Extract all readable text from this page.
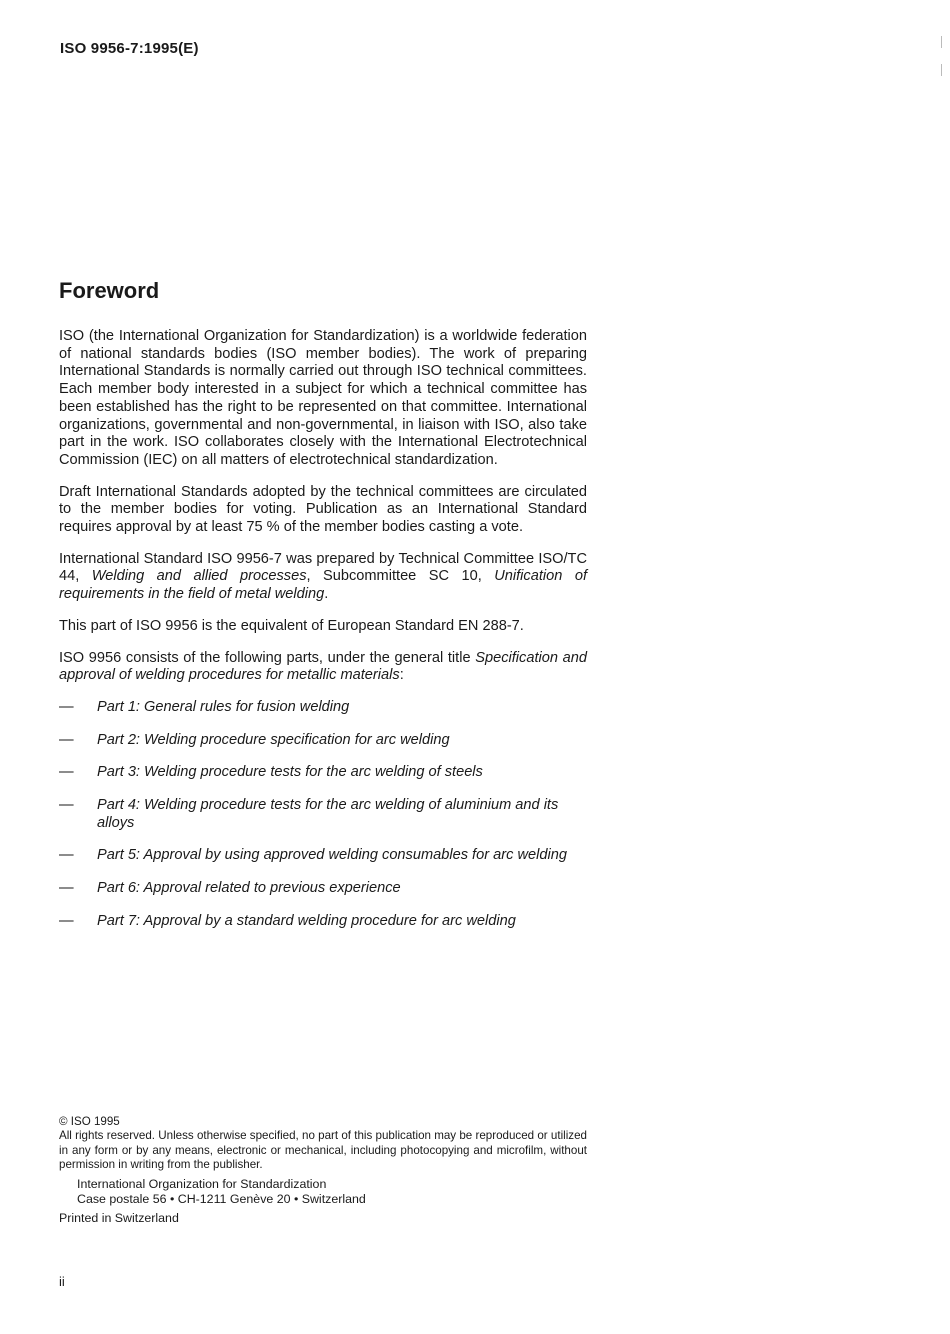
ISO 9956-7:1995(E)
Foreword

ISO (the International Organization for Standardization) is a worldwide federation of national standards bodies (ISO member bodies). The work of preparing International Standards is normally carried out through ISO technical committees. Each member body interested in a subject for which a technical committee has been established has the right to be represented on that committee. International organizations, governmental and non-governmental, in liaison with ISO, also take part in the work. ISO collaborates closely with the International Electrotechnical Commission (IEC) on all matters of electrotechnical standardization.

Draft International Standards adopted by the technical committees are circulated to the member bodies for voting. Publication as an International Standard requires approval by at least 75 % of the member bodies casting a vote.

International Standard ISO 9956-7 was prepared by Technical Committee ISO/TC 44, Welding and allied processes, Subcommittee SC 10, Unification of requirements in the field of metal welding.

This part of ISO 9956 is the equivalent of European Standard EN 288-7.

ISO 9956 consists of the following parts, under the general title Specification and approval of welding procedures for metallic materials:

— Part 1: General rules for fusion welding
— Part 2: Welding procedure specification for arc welding
— Part 3: Welding procedure tests for the arc welding of steels
— Part 4: Welding procedure tests for the arc welding of aluminium and its alloys
— Part 5: Approval by using approved welding consumables for arc welding
— Part 6: Approval related to previous experience
— Part 7: Approval by a standard welding procedure for arc welding

© ISO 1995

All rights reserved. Unless otherwise specified, no part of this publication may be reproduced or utilized in any form or by any means, electronic or mechanical, including photocopying and microfilm, without permission in writing from the publisher.

International Organization for Standardization
Case postale 56 • CH-1211 Genève 20 • Switzerland

Printed in Switzerland

ii
